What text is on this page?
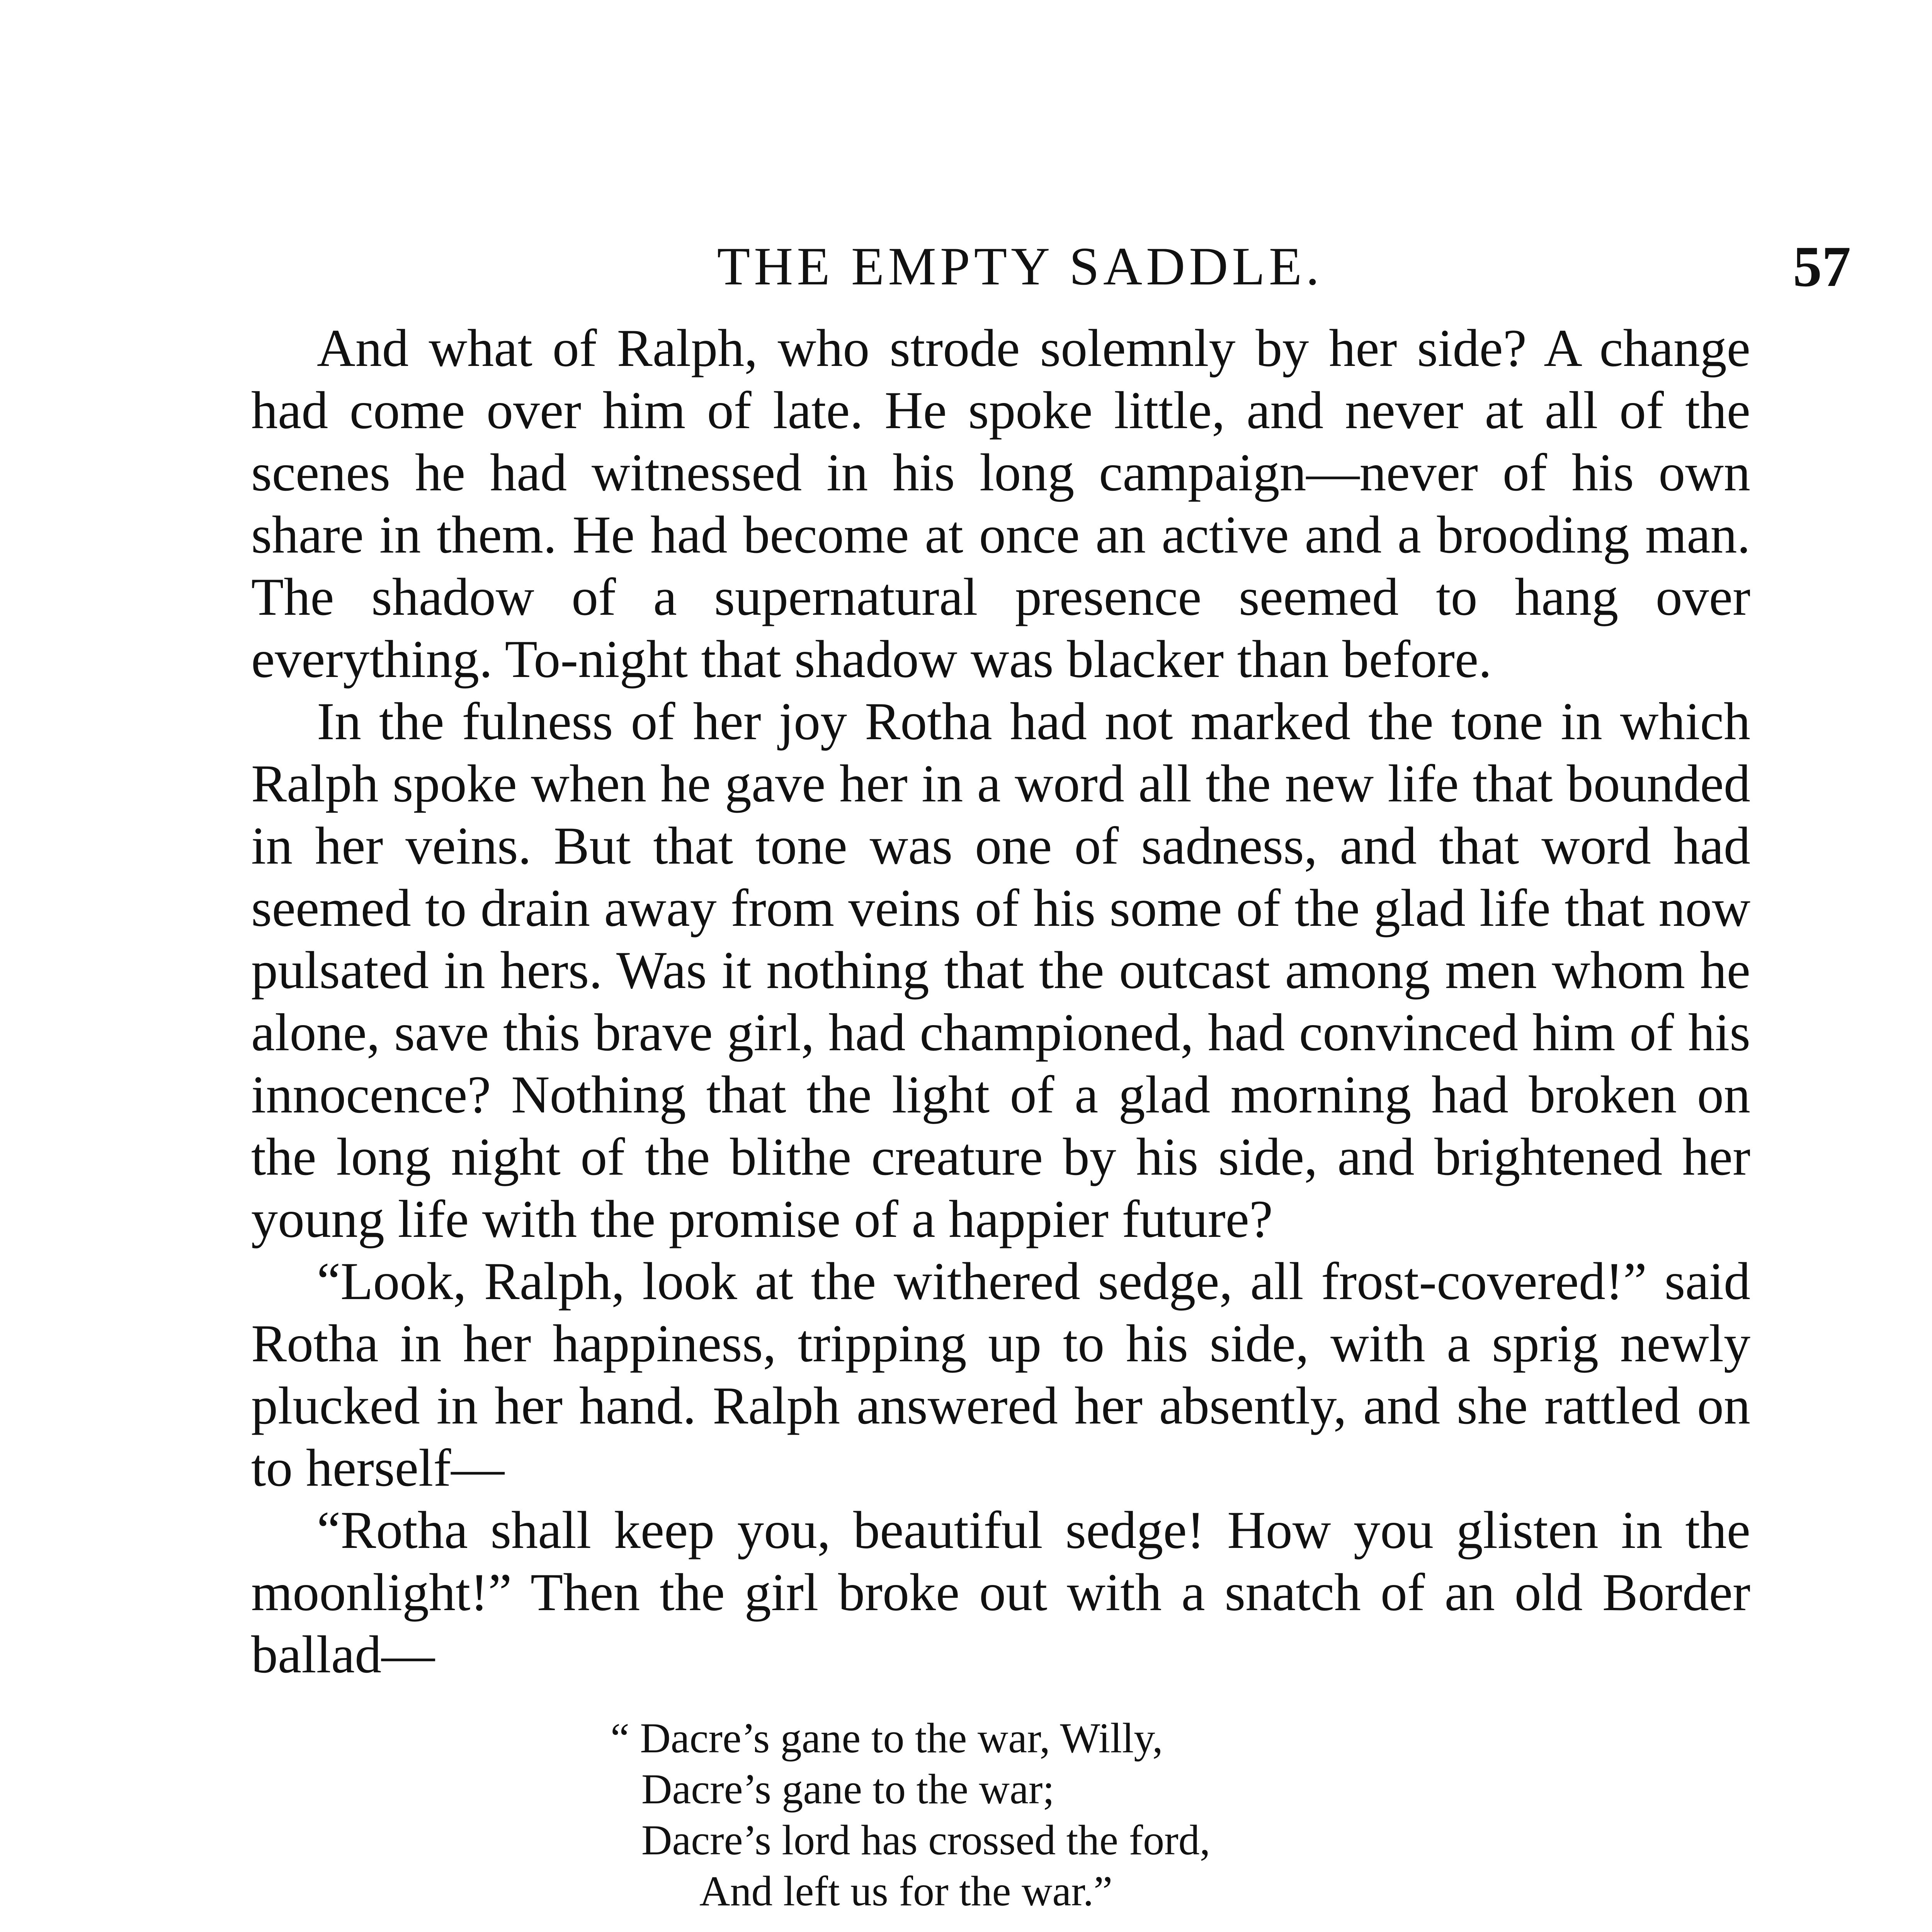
THE EMPTY SADDLE.	57

And what of Ralph, who strode solemnly by her side? A change had come over him of late. He spoke little, and never at all of the scenes he had witnessed in his long campaign—never of his own share in them. He had become at once an active and a brooding man. The shadow of a supernatural presence seemed to hang over everything. To-night that shadow was blacker than before.

In the fulness of her joy Rotha had not marked the tone in which Ralph spoke when he gave her in a word all the new life that bounded in her veins. But that tone was one of sadness, and that word had seemed to drain away from veins of his some of the glad life that now pulsated in hers. Was it nothing that the outcast among men whom he alone, save this brave girl, had championed, had convinced him of his innocence? Nothing that the light of a glad morning had broken on the long night of the blithe creature by his side, and brightened her young life with the promise of a happier future?

“Look, Ralph, look at the withered sedge, all frost-covered!” said Rotha in her happiness, tripping up to his side, with a sprig newly plucked in her hand. Ralph answered her absently, and she rattled on to herself—

“Rotha shall keep you, beautiful sedge! How you glisten in the moonlight!” Then the girl broke out with a snatch of an old Border ballad—

“ Dacre’s gane to the war, Willy,
Dacre’s gane to the war;
Dacre’s lord has crossed the ford,
And left us for the war.”
